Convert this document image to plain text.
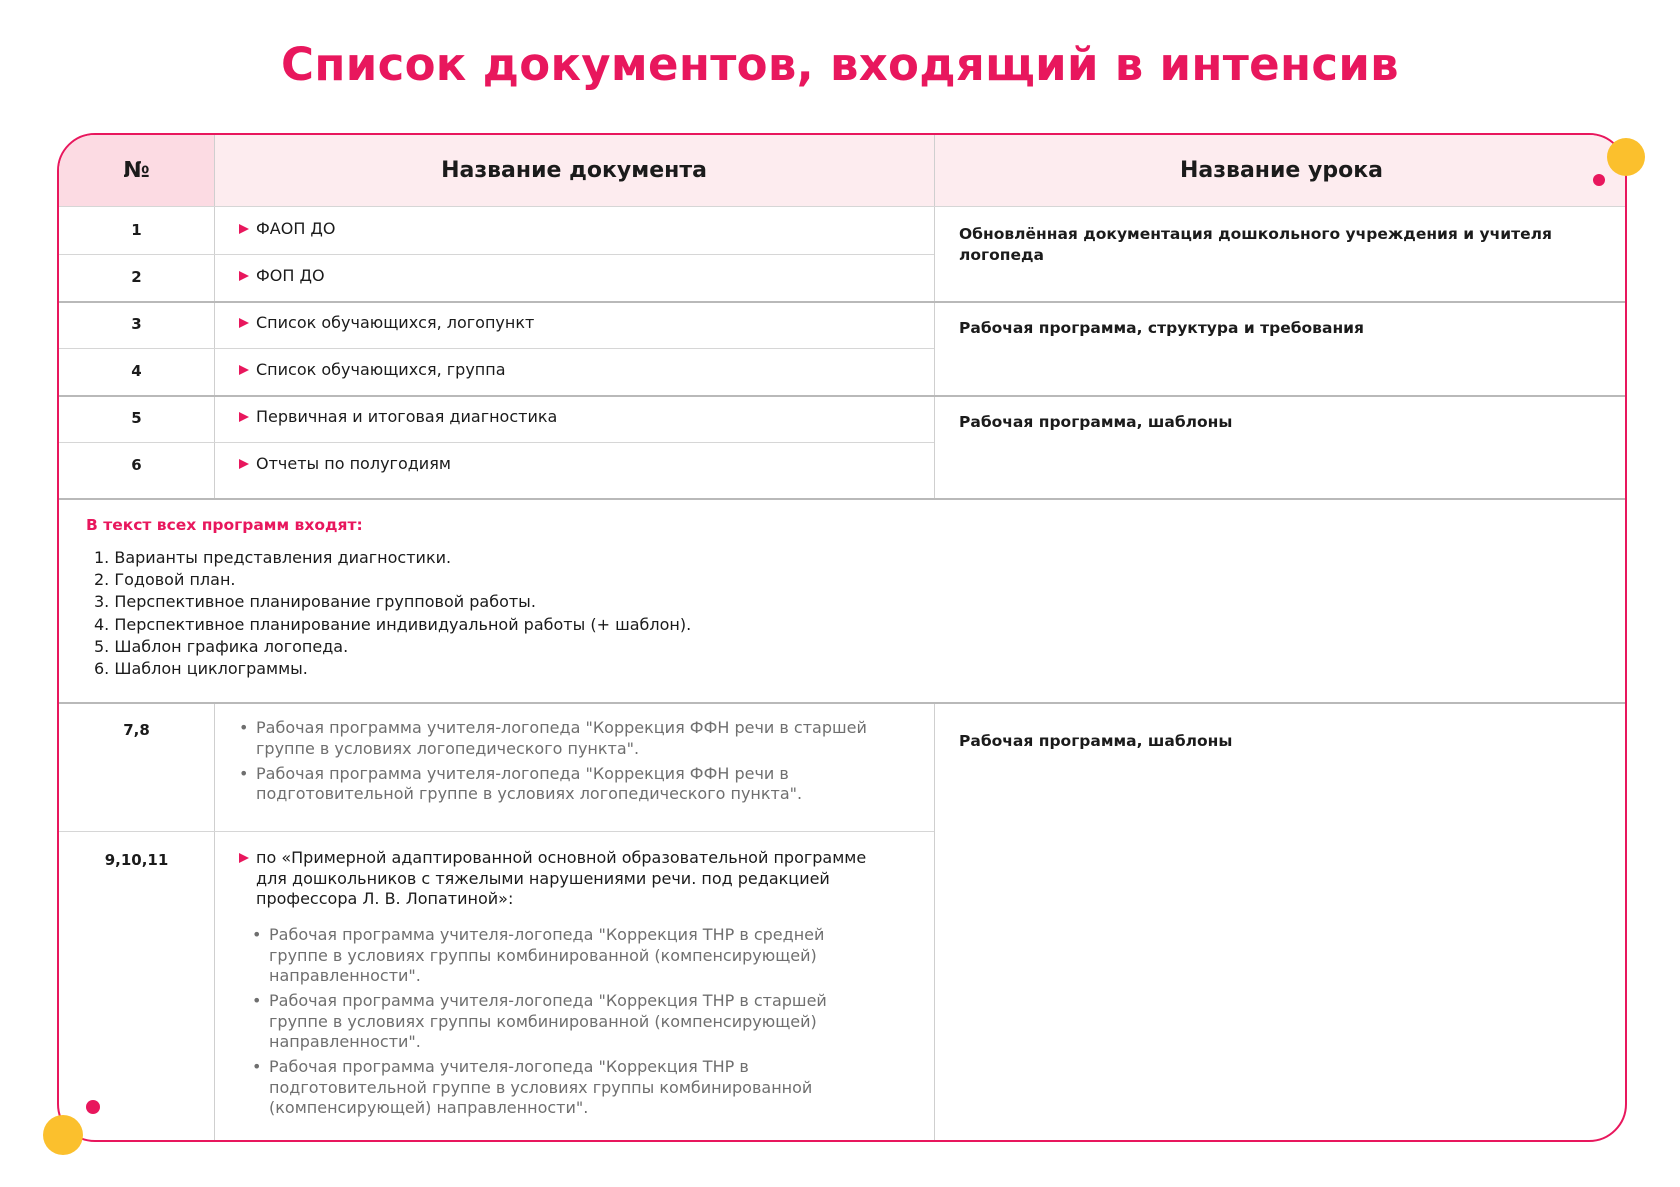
Список документов, входящий в интенсив
№	Название документа	Название урока
1	ФАОП ДО
2	ФОП ДО
3	Список обучающихся, логопункт
4	Список обучающихся, группа
5	Первичная и итоговая диагностика
6	Отчеты по полугодиям
Обновлённая документация дошкольного учреждения и учителя логопеда
Рабочая программа, структура и требования
Рабочая программа, шаблоны
Рабочая программа, шаблоны
В текст всех программ входят:
1. Варианты представления диагностики.
2. Годовой план.
3. Перспективное планирование групповой работы.
4. Перспективное планирование индивидуальной работы (+ шаблон).
5. Шаблон графика логопеда.
6. Шаблон циклограммы.
7,8
•	Рабочая программа учителя-логопеда "Коррекция ФФН речи в старшей группе в условиях логопедического пункта".
• Рабочая программа учителя-логопеда "Коррекция ФФН речи в подготовительной группе в условиях логопедического пункта".
9,10,11	по «Примерной адаптированной основной образовательной программе для дошкольников с тяжелыми нарушениями речи. под редакцией профессора Л. В. Лопатиной»:
• Рабочая программа учителя-логопеда "Коррекция ТНР в средней группе в условиях группы комбинированной (компенсирующей) направленности".
• Рабочая программа учителя-логопеда "Коррекция ТНР в старшей группе в условиях группы комбинированной (компенсирующей) направленности".
• Рабочая программа учителя-логопеда "Коррекция ТНР в подготовительной группе в условиях группы комбинированной (компенсирующей) направленности".
